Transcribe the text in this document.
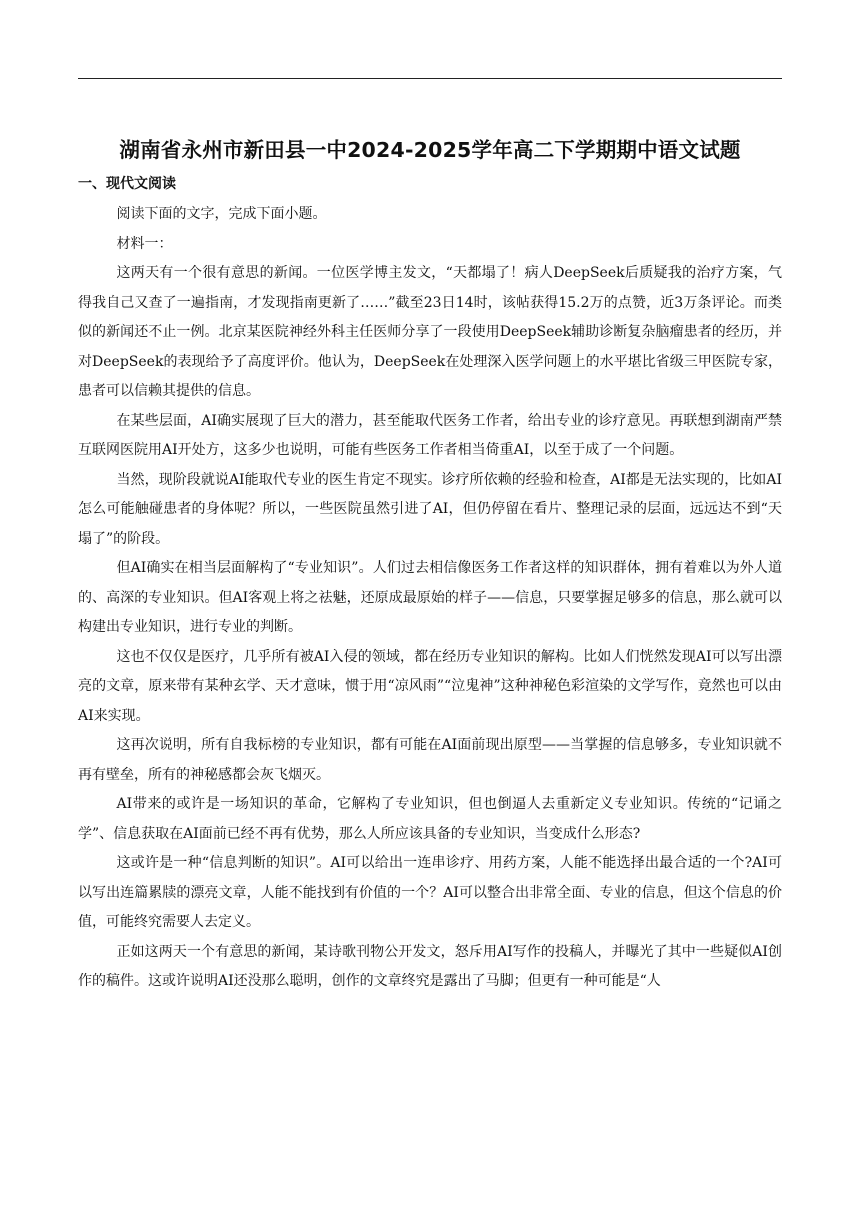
湖南省永州市新田县一中2024-2025学年高二下学期期中语文试题
一、现代文阅读

阅读下面的文字，完成下面小题。

材料一：

这两天有一个很有意思的新闻。一位医学博主发文，“天都塌了！病人DeepSeek后质疑我的治疗方案，气得我自己又查了一遍指南，才发现指南更新了……”截至23日14时，该帖获得15.2万的点赞，近3万条评论。而类似的新闻还不止一例。北京某医院神经外科主任医师分享了一段使用DeepSeek辅助诊断复杂脑瘤患者的经历，并对DeepSeek的表现给予了高度评价。他认为，DeepSeek在处理深入医学问题上的水平堪比省级三甲医院专家，患者可以信赖其提供的信息。

在某些层面，AI确实展现了巨大的潜力，甚至能取代医务工作者，给出专业的诊疗意见。再联想到湖南严禁互联网医院用AI开处方，这多少也说明，可能有些医务工作者相当倚重AI，以至于成了一个问题。

当然，现阶段就说AI能取代专业的医生肯定不现实。诊疗所依赖的经验和检查，AI都是无法实现的，比如AI怎么可能触碰患者的身体呢？所以，一些医院虽然引进了AI，但仍停留在看片、整理记录的层面，远远达不到“天塌了”的阶段。

但AI确实在相当层面解构了“专业知识”。人们过去相信像医务工作者这样的知识群体，拥有着难以为外人道的、高深的专业知识。但AI客观上将之祛魅，还原成最原始的样子——信息，只要掌握足够多的信息，那么就可以构建出专业知识，进行专业的判断。

这也不仅仅是医疗，几乎所有被AI入侵的领域，都在经历专业知识的解构。比如人们恍然发现AI可以写出漂亮的文章，原来带有某种玄学、天才意味，惯于用“凉风雨”“泣鬼神”这种神秘色彩渲染的文学写作，竟然也可以由AI来实现。

这再次说明，所有自我标榜的专业知识，都有可能在AI面前现出原型——当掌握的信息够多，专业知识就不再有壁垒，所有的神秘感都会灰飞烟灭。

AI带来的或许是一场知识的革命，它解构了专业知识，但也倒逼人去重新定义专业知识。传统的“记诵之学”、信息获取在AI面前已经不再有优势，那么人所应该具备的专业知识，当变成什么形态?

这或许是一种“信息判断的知识”。AI可以给出一连串诊疗、用药方案，人能不能选择出最合适的一个?AI可以写出连篇累牍的漂亮文章，人能不能找到有价值的一个？AI可以整合出非常全面、专业的信息，但这个信息的价值，可能终究需要人去定义。

正如这两天一个有意思的新闻，某诗歌刊物公开发文，怒斥用AI写作的投稿人，并曝光了其中一些疑似AI创作的稿件。这或许说明AI还没那么聪明，创作的文章终究是露出了马脚；但更有一种可能是“人
